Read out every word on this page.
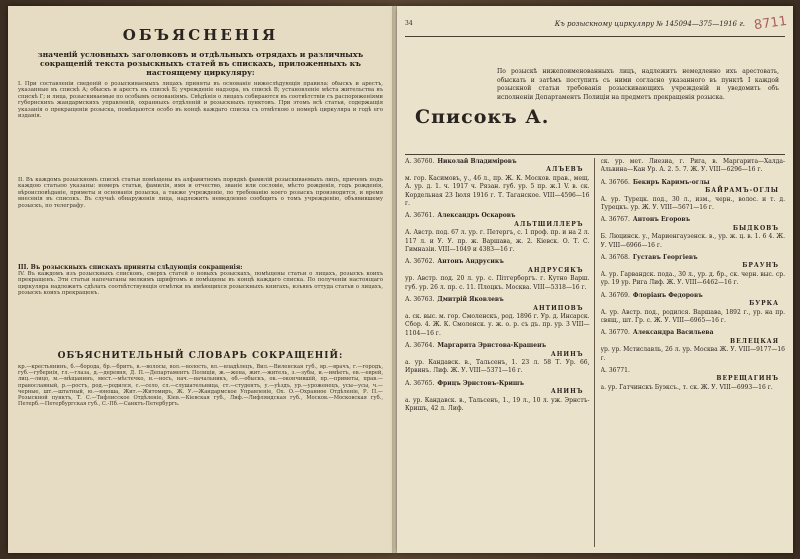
ОБЪЯСНЕНІЯ
значеній условныхъ заголовковъ и отдѣльныхъ отрядахъ и различныхъ сокращеній текста розыскныхъ статей въ спискахъ, приложенныхъ къ настоящему циркуляру:
I. При составленіи сведеній о розыскиваемыхъ лицахъ приняты въ основаніе нижеслѣдующія правила: обыскъ и арестъ, указанные въ спискѣ А; обыскъ и арестъ въ спискѣ Б; учрежденіе надзора, въ спискѣ В; установленіе мѣста жительства въ спискѣ Г; и лица, розыскиваемые по особымъ основаніямъ. Свѣдѣнія о лицахъ собираются въ соотвѣтствіи съ распоряженіями губернскихъ жандармскихъ управленій, охранныхъ отдѣленій и розыскныхъ пунктовъ. При этомъ всѣ статьи, содержащія указанія о прекращеніи розыска, помѣщаются особо въ концѣ каждаго списка съ отмѣткою о номерѣ циркуляра и годѣ его изданія.
II. Въ каждомъ розыскномъ спискѣ статьи помѣщены въ алфавитномъ порядкѣ фамилій розыскиваемыхъ лицъ, причемъ подъ каждою статьею указаны: номеръ статьи, фамилія, имя и отчество, званіе или сословіе, мѣсто рожденія, годъ рожденія, вѣроисповѣданіе, приметы и основанія розыска, а также учрежденіе, по требованію коего розыскъ производится, и время внесенія въ списокъ. Въ случаѣ обнаруженія лица, надлежитъ немедленно сообщить о томъ учрежденію, объявившему розыскъ, по телеграфу.
III. Въ розыскныхъ спискахъ приняты слѣдующія сокращенія:
IV. Въ каждомъ изъ розыскныхъ списковъ, сверхъ статей о новыхъ розыскахъ, помѣщены статьи о лицахъ, розыскъ коихъ прекращенъ. Эти статьи напечатаны мелкимъ шрифтомъ и помѣщены въ концѣ каждаго списка. По полученіи настоящаго циркуляра надлежитъ сдѣлать соотвѣтствующія отмѣтки въ имѣющихся розыскныхъ книгахъ, изъявъ оттуда статьи о лицахъ, розыскъ коихъ прекращенъ.
ОБЪЯСНИТЕЛЬНЫЙ СЛОВАРЬ СОКРАЩЕНІЙ:
кр.—крестьянинъ, б.—борода, бр.—бритъ, в.—волосы, вол.—волость, вл.—владѣлецъ, Вил.—Виленская губ., вр.—врачъ, г.—городъ, губ.—губернія, гл.—глаза, д.—деревня, Д. П.—Департаментъ Полиціи, ж.—жена, жит.—житель, з.—зубы, и.—имѣетъ, ев.—еврей, лиц.—лицо, м.—мѣщанинъ, мест.—мѣстечко, н.—носъ, нач.—начальникъ, об.—обыскъ, ок.—окончившій, пр.—приметы, прав.—православный, р.—ростъ, род.—родился, с.—село, сл.—слушательница, ст.—студентъ, у.—уѣздъ, ур.—уроженецъ, усы—усы, ч.—черные, шт.—штатный, ю.—юноша, Жит.—Житомиръ, Ж. У.—Жандармское Управленіе, Ох. О.—Охранное Отдѣленіе, Р. П.—Розыскной пунктъ, Т. С.—Тифлисское Отдѣленіе, Кіев.—Кіевская губ., Лиф.—Лифляндская губ., Москов.—Московская губ., Петерб.—Петербургская губ., С.-Пб.—Санктъ-Петербургъ.
34	Къ розыскному циркуляру № 145094—375—1916 г. 8711
Списокъ А.
По розыскѣ нижепоименованныхъ лицъ, надлежитъ немедленно ихъ арестовать, обыскать и затѣмъ поступить съ ними согласно указанного въ пунктѣ I каждой розыскной статьи требованія розыскивающихъ учрежденій и уведомить объ исполненіи Департаментъ Полиціи на предметъ прекращенія розыска.
А. 36760. Николай Владиміровъ
АЛЪЕВЪ
м. гор. Касимовъ, у., 46 л., пр. Ж. К. Москов. прав., мещ. А. ур. д. 1. ч. 1917 ч. Рязан. губ. ур. 5 пр. ж.1 V. в. ск. Кордельная 23 Іюля 1916 г. Т. Таганскоe. VIII—4596—16 г.
А. 36761. Александръ Оскаровъ
АЛЬТШИЛЛЕРЪ
А. Австр. под. 67 л. ур. г. Петергъ, с. 1 проф. пр. и на 2 л. 117 л. и У. У. пр. ж. Варшава, ж. 2. Кіевск. О. Т. С. Гимназіи. VIII—1049 и 4383—16 г.
А. 36762. Антонъ Андрусикъ
АНДРУСЯКЪ
ур. Австр. под. 20 л. ур. с. Пітгерборгъ. г. Кутно Варш. губ. ур. 26 л. пр. с. 11. Плоцкъ. Москва. VIII—5318—16 г.
А. 36763. Дмитрій Яковлевъ
АНТИПОВЪ
а. ск. выс. м. гор. Смоленскъ, род. 1896 г. Ур. д. Инсарск. Сбор. 4. Ж. К. Смоленск. у. ж. о. р. съ дъ. пр. ур. 3 VIII—1104—16 г.
А. 36764. Маргарита Эрнстова-Крашенъ
АНИНЪ
а. ур. Кандавск. в., Тальсенъ, 1. 23 л. 58 Т. Ур. 66, Ирвинъ. Лиф. Ж. У. VIII—5371—16 г.
А. 36765. Фрицъ Эрнстовъ-Кришъ
АНИНЪ
а. ур. Кандавск. в., Тальсенъ, 1., 19 л., 10 л. уж. Эрнстъ-Кришъ, 42 л. Лиф.
ск. ур. мет. Лиезиа, г. Рига, в. Маргарита—Халда-Альвина—Кан Ур. А. 2. 5. 7. Ж. У. VIII—6296—16 г.
А. 36766. Бекиръ Каримъ-оглы
БАЙРАМЪ-ОГЛЫ
А. ур. Турецк. под., 30 л., изм., черн., волос. и т. д. Турецкъ. ур. Ж. У. VIII—5671—16 г.
А. 36767. Антонъ Егоровъ
БЫДКОВЪ
Б. Люцинск. у., Мариенгаузенск. в., ур. ж. ц. в. 1. 6 4. Ж. У. VIII—6966—16 г.
А. 36768. Густавъ Георгіевъ
БРАУНЪ
А. ур. Гарвандск. пода., 30 л., ур. д. бр., ск. черн. выс. ср. ур. 19 ур. Рига Лиф. Ж. У. VIII—6462—16 г.
А. 36769. Флоріанъ Федоровъ
БУРКА
А. ур. Австр. под., родился. Варшава, 1892 г., ур. на пр. свящ., шт. Гр. с. Ж. У. VIII—6965—16 г.
А. 36770. Александра Васильева
ВЕЛЕЦКАЯ
ур. ур. Мстиславль, 26 л. ур. Москва Ж. У. VIII—9177—16 г.
А. 36771.
ВЕРЕЩАГИНЪ
а. ур. Гатчинскъ Буэксъ., т. ск. Ж. У. VIII—6993—16 г.
